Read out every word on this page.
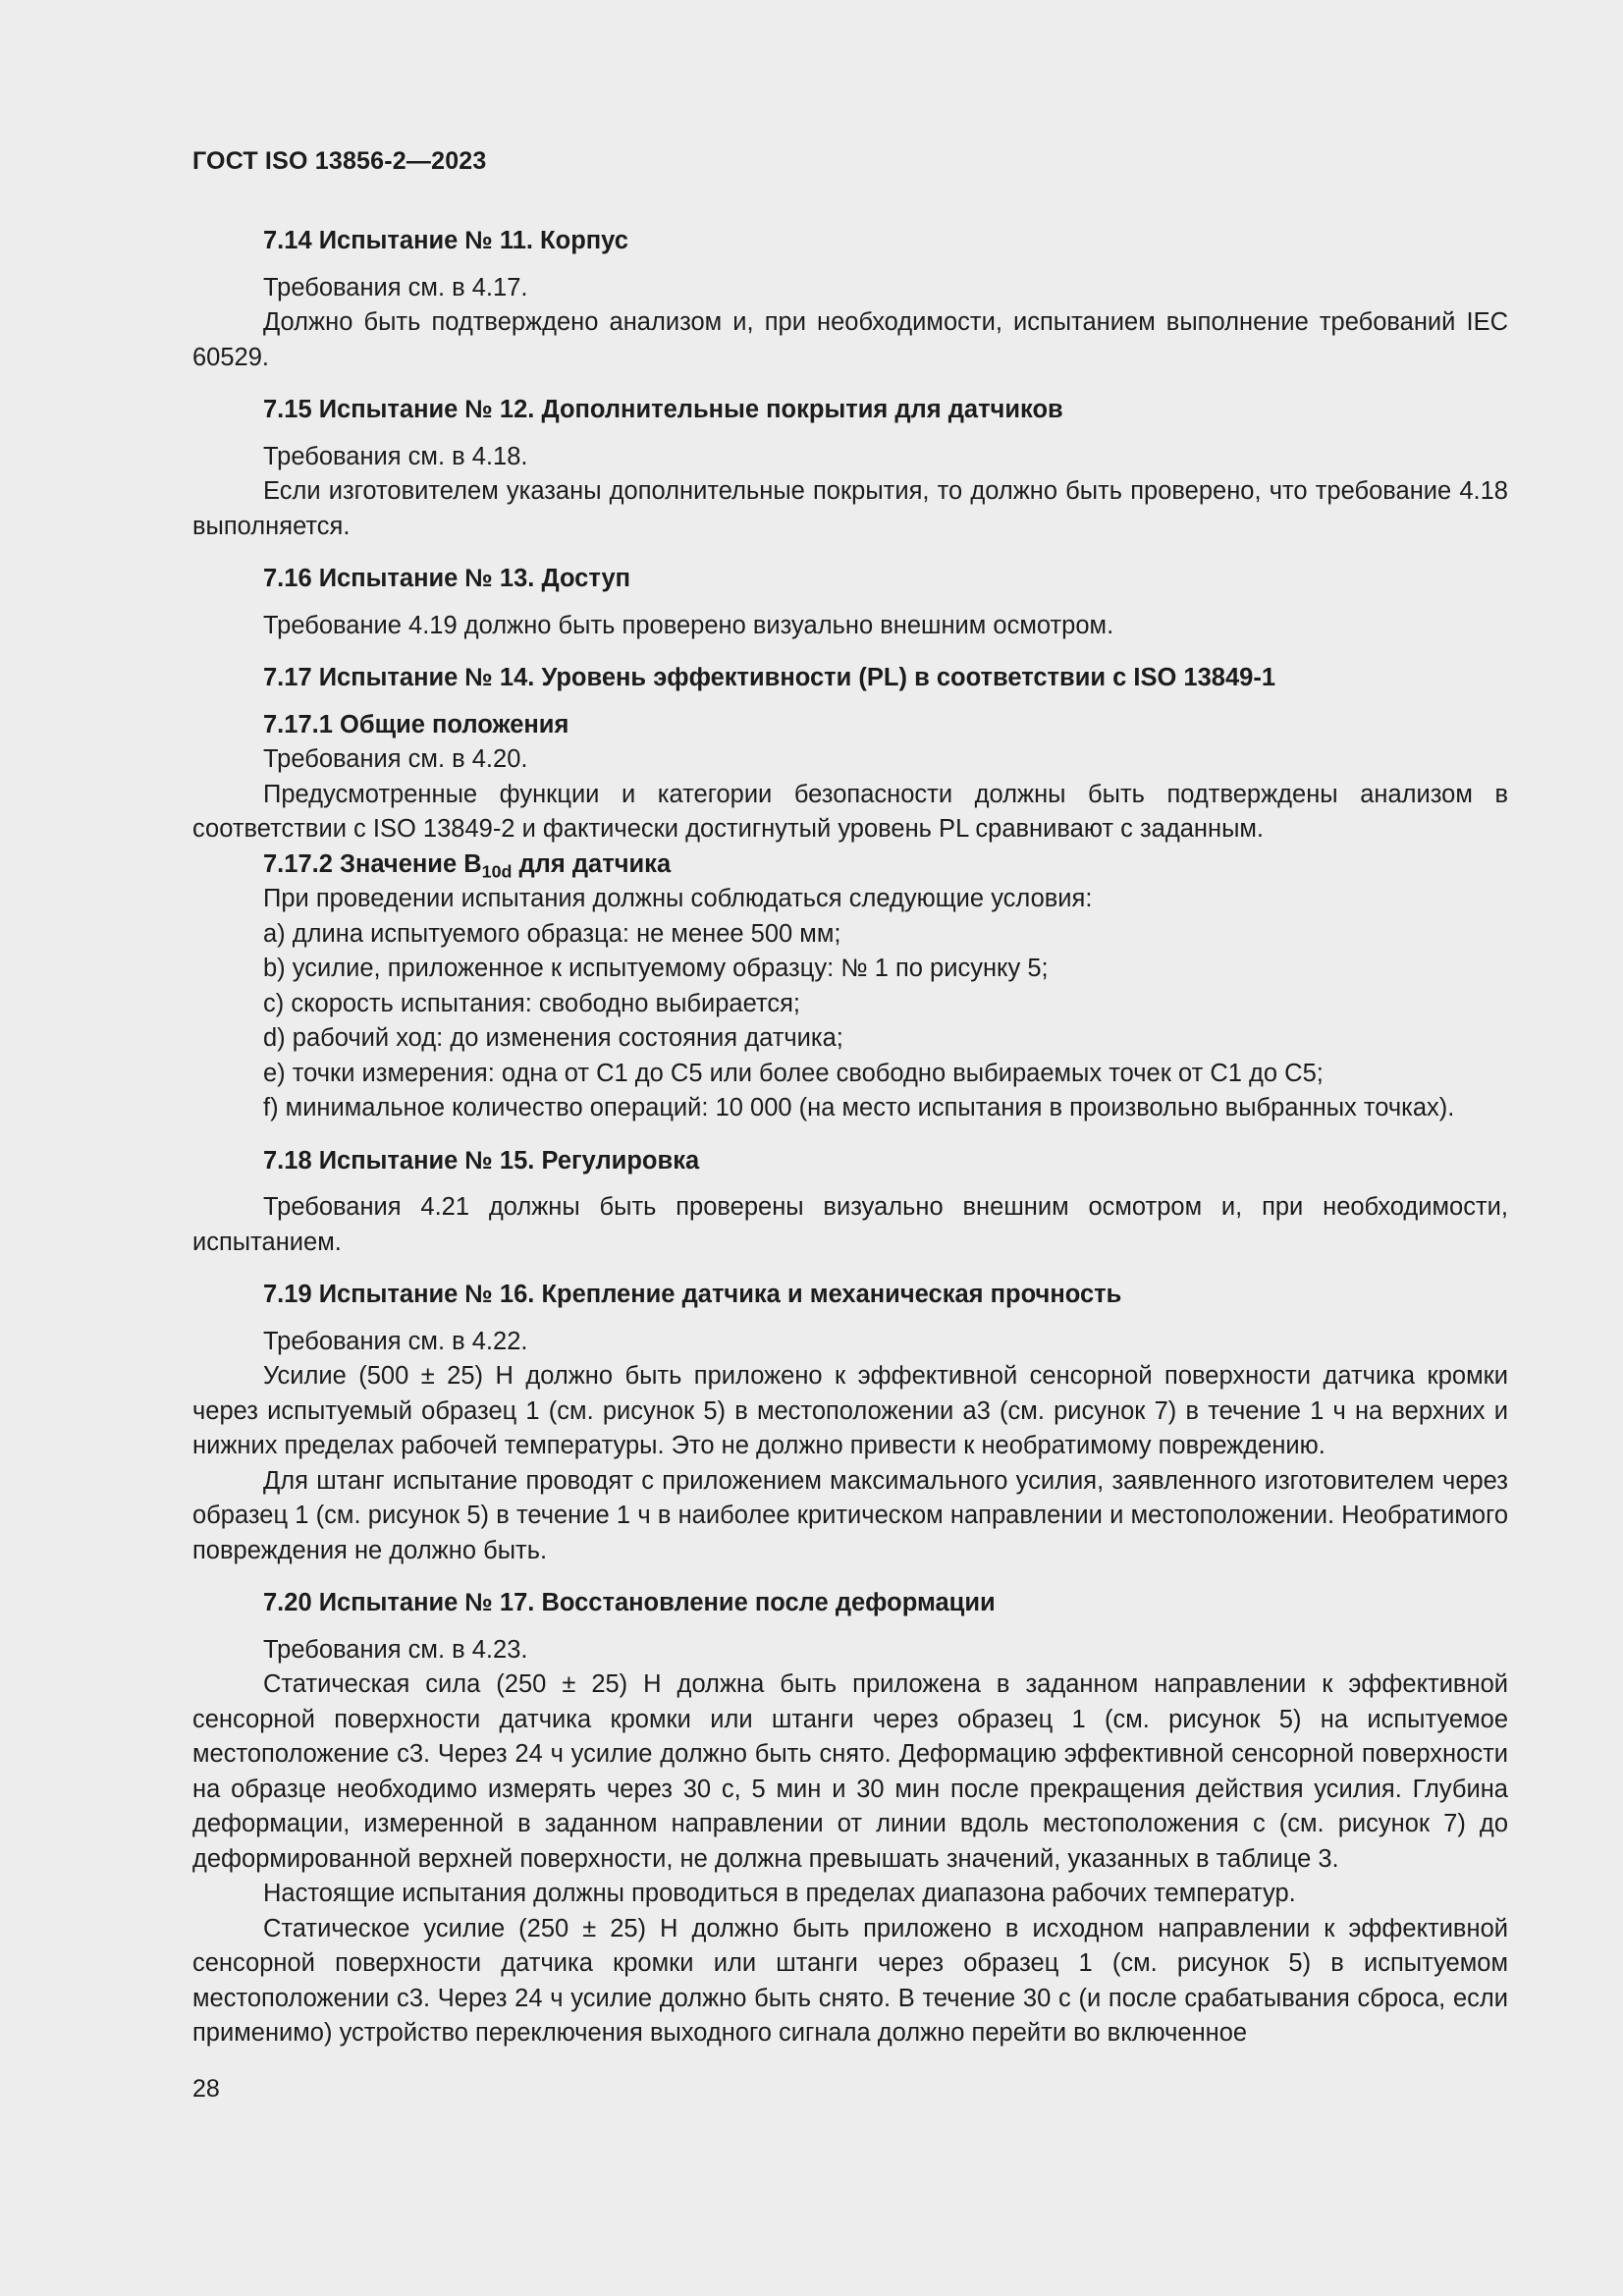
ГОСТ ISO 13856-2—2023

7.14 Испытание № 11. Корпус

Требования см. в 4.17.

Должно быть подтверждено анализом и, при необходимости, испытанием выполнение требований IEC 60529.

7.15 Испытание № 12. Дополнительные покрытия для датчиков

Требования см. в 4.18.

Если изготовителем указаны дополнительные покрытия, то должно быть проверено, что требование 4.18 выполняется.

7.16 Испытание № 13. Доступ

Требование 4.19 должно быть проверено визуально внешним осмотром.

7.17 Испытание № 14. Уровень эффективности (PL) в соответствии с ISO 13849-1

7.17.1 Общие положения

Требования см. в 4.20.

Предусмотренные функции и категории безопасности должны быть подтверждены анализом в соответствии с ISO 13849-2 и фактически достигнутый уровень PL сравнивают с заданным.

7.17.2 Значение $B_{10d}$ для датчика

При проведении испытания должны соблюдаться следующие условия:

a) длина испытуемого образца: не менее 500 мм;

b) усилие, приложенное к испытуемому образцу: № 1 по рисунку 5;

c) скорость испытания: свободно выбирается;

d) рабочий ход: до изменения состояния датчика;

e) точки измерения: одна от C1 до C5 или более свободно выбираемых точек от C1 до C5;

f) минимальное количество операций: 10 000 (на место испытания в произвольно выбранных точках).

7.18 Испытание № 15. Регулировка

Требования 4.21 должны быть проверены визуально внешним осмотром и, при необходимости, испытанием.

7.19 Испытание № 16. Крепление датчика и механическая прочность

Требования см. в 4.22.

Усилие (500 ± 25) Н должно быть приложено к эффективной сенсорной поверхности датчика кромки через испытуемый образец 1 (см. рисунок 5) в местоположении а3 (см. рисунок 7) в течение 1 ч на верхних и нижних пределах рабочей температуры. Это не должно привести к необратимому повреждению.

Для штанг испытание проводят с приложением максимального усилия, заявленного изготовителем через образец 1 (см. рисунок 5) в течение 1 ч в наиболее критическом направлении и местоположении. Необратимого повреждения не должно быть.

7.20 Испытание № 17. Восстановление после деформации

Требования см. в 4.23.

Статическая сила (250 ± 25) Н должна быть приложена в заданном направлении к эффективной сенсорной поверхности датчика кромки или штанги через образец 1 (см. рисунок 5) на испытуемое местоположение с3. Через 24 ч усилие должно быть снято. Деформацию эффективной сенсорной поверхности на образце необходимо измерять через 30 с, 5 мин и 30 мин после прекращения действия усилия. Глубина деформации, измеренной в заданном направлении от линии вдоль местоположения с (см. рисунок 7) до деформированной верхней поверхности, не должна превышать значений, указанных в таблице 3.

Настоящие испытания должны проводиться в пределах диапазона рабочих температур.

Статическое усилие (250 ± 25) Н должно быть приложено в исходном направлении к эффективной сенсорной поверхности датчика кромки или штанги через образец 1 (см. рисунок 5) в испытуемом местоположении с3. Через 24 ч усилие должно быть снято. В течение 30 с (и после срабатывания сброса, если применимо) устройство переключения выходного сигнала должно перейти во включенное

28
